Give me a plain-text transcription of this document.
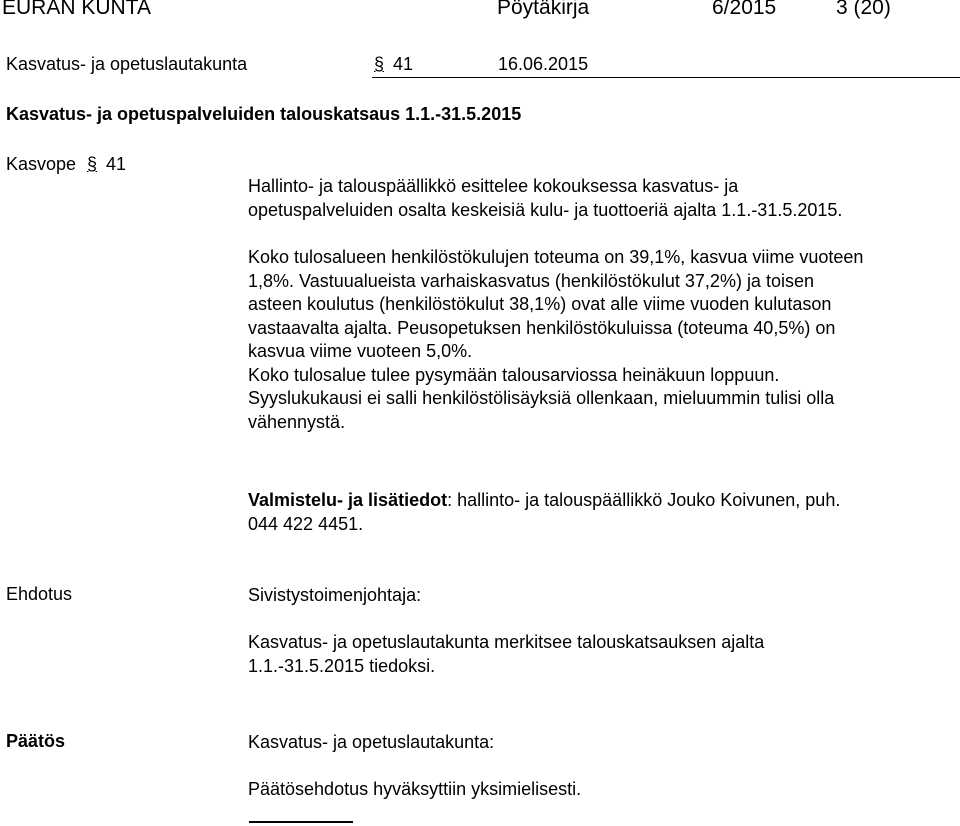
EURAN KUNTA	Pöytäkirja	6/2015	3 (20)
Kasvatus- ja opetuslautakunta	§ 41	16.06.2015
Kasvatus- ja opetuspalveluiden talouskatsaus 1.1.-31.5.2015
Kasvope § 41

Hallinto- ja talouspäällikkö esittelee kokouksessa kasvatus- ja

opetuspalveluiden osalta keskeisiä kulu- ja tuottoeriä ajalta 1.1.-31.5.2015.

Koko tulosalueen henkilöstökulujen toteuma on 39,1%, kasvua viime vuoteen

1,8%. Vastuualueista varhaiskasvatus (henkilöstökulut 37,2%) ja toisen

asteen koulutus (henkilöstökulut 38,1%) ovat alle viime vuoden kulutason

vastaavalta ajalta. Peusopetuksen henkilöstökuluissa (toteuma 40,5%) on

kasvua viime vuoteen 5,0%.

Koko tulosalue tulee pysymään talousarviossa heinäkuun loppuun.

Syyslukukausi ei salli henkilöstölisäyksiä ollenkaan, mieluummin tulisi olla

vähennystä.

Valmistelu- ja lisätiedot: hallinto- ja talouspäällikkö Jouko Koivunen, puh.

044 422 4451.

Ehdotus	Sivistystoimenjohtaja:

Kasvatus- ja opetuslautakunta merkitsee talouskatsauksen ajalta

1.1.-31.5.2015 tiedoksi.

Päätös	Kasvatus- ja opetuslautakunta:

Päätösehdotus hyväksyttiin yksimielisesti.
